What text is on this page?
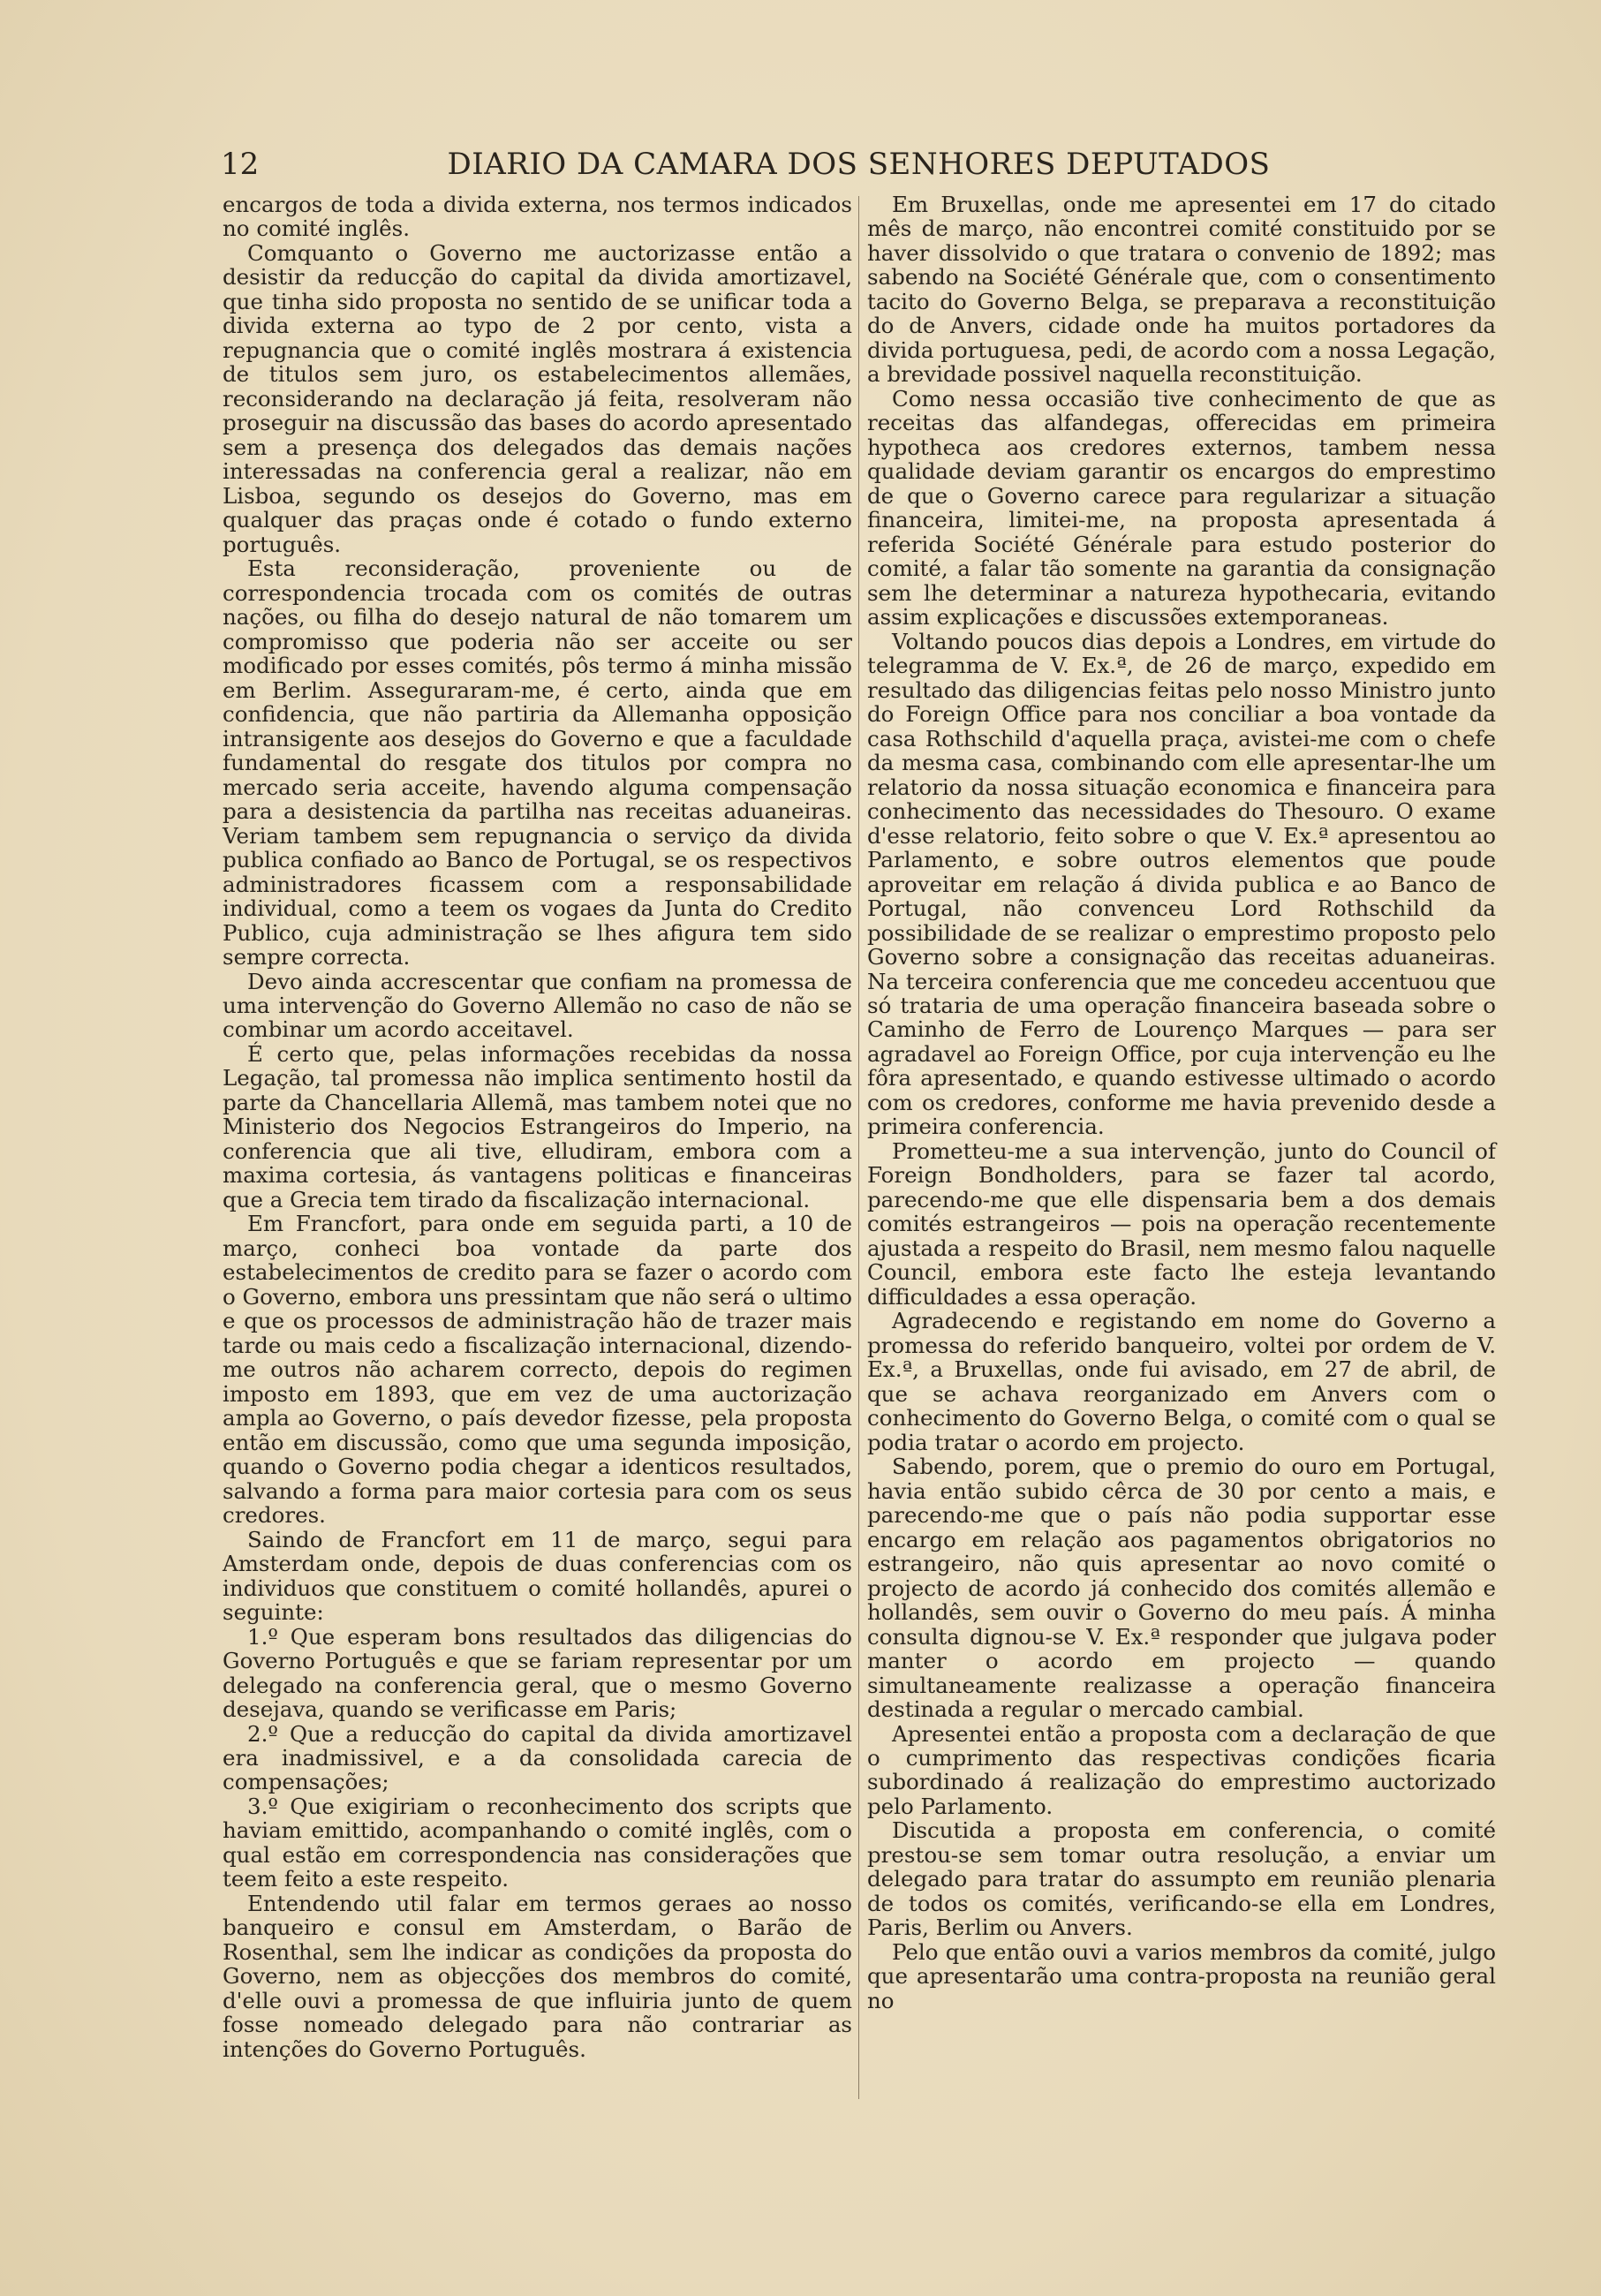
12	DIARIO DA CAMARA DOS SENHORES DEPUTADOS

encargos de toda a divida externa, nos termos indicados no comité inglês.

Comquanto o Governo me auctorizasse então a desistir da reducção do capital da divida amortizavel, que tinha sido proposta no sentido de se unificar toda a divida externa ao typo de 2 por cento, vista a repugnancia que o comité inglês mostrara á existencia de titulos sem juro, os estabelecimentos allemães, reconsiderando na declaração já feita, resolveram não proseguir na discussão das bases do acordo apresentado sem a presença dos delegados das demais nações interessadas na conferencia geral a realizar, não em Lisboa, segundo os desejos do Governo, mas em qualquer das praças onde é cotado o fundo externo português.

Esta reconsideração, proveniente ou de correspondencia trocada com os comités de outras nações, ou filha do desejo natural de não tomarem um compromisso que poderia não ser acceite ou ser modificado por esses comités, pôs termo á minha missão em Berlim. Asseguraram-me, é certo, ainda que em confidencia, que não partiria da Allemanha opposição intransigente aos desejos do Governo e que a faculdade fundamental do resgate dos titulos por compra no mercado seria acceite, havendo alguma compensação para a desistencia da partilha nas receitas aduaneiras. Veriam tambem sem repugnancia o serviço da divida publica confiado ao Banco de Portugal, se os respectivos administradores ficassem com a responsabilidade individual, como a teem os vogaes da Junta do Credito Publico, cuja administração se lhes afigura tem sido sempre correcta.

Devo ainda accrescentar que confiam na promessa de uma intervenção do Governo Allemão no caso de não se combinar um acordo acceitavel.

É certo que, pelas informações recebidas da nossa Legação, tal promessa não implica sentimento hostil da parte da Chancellaria Allemã, mas tambem notei que no Ministerio dos Negocios Estrangeiros do Imperio, na conferencia que ali tive, elludiram, embora com a maxima cortesia, ás vantagens politicas e financeiras que a Grecia tem tirado da fiscalização internacional.

Em Francfort, para onde em seguida parti, a 10 de março, conheci boa vontade da parte dos estabelecimentos de credito para se fazer o acordo com o Governo, embora uns pressintam que não será o ultimo e que os processos de administração hão de trazer mais tarde ou mais cedo a fiscalização internacional, dizendo-me outros não acharem correcto, depois do regimen imposto em 1893, que em vez de uma auctorização ampla ao Governo, o país devedor fizesse, pela proposta então em discussão, como que uma segunda imposição, quando o Governo podia chegar a identicos resultados, salvando a forma para maior cortesia para com os seus credores.

Saindo de Francfort em 11 de março, segui para Amsterdam onde, depois de duas conferencias com os individuos que constituem o comité hollandês, apurei o seguinte:

1.º Que esperam bons resultados das diligencias do Governo Português e que se fariam representar por um delegado na conferencia geral, que o mesmo Governo desejava, quando se verificasse em Paris;

2.º Que a reducção do capital da divida amortizavel era inadmissivel, e a da consolidada carecia de compensações;

3.º Que exigiriam o reconhecimento dos scripts que haviam emittido, acompanhando o comité inglês, com o qual estão em correspondencia nas considerações que teem feito a este respeito.

Entendendo util falar em termos geraes ao nosso banqueiro e consul em Amsterdam, o Barão de Rosenthal, sem lhe indicar as condições da proposta do Governo, nem as objecções dos membros do comité, d'elle ouvi a promessa de que influiria junto de quem fosse nomeado delegado para não contrariar as intenções do Governo Português.

Em Bruxellas, onde me apresentei em 17 do citado mês de março, não encontrei comité constituido por se haver dissolvido o que tratara o convenio de 1892; mas sabendo na Société Générale que, com o consentimento tacito do Governo Belga, se preparava a reconstituição do de Anvers, cidade onde ha muitos portadores da divida portuguesa, pedi, de acordo com a nossa Legação, a brevidade possivel naquella reconstituição.

Como nessa occasião tive conhecimento de que as receitas das alfandegas, offerecidas em primeira hypotheca aos credores externos, tambem nessa qualidade deviam garantir os encargos do emprestimo de que o Governo carece para regularizar a situação financeira, limitei-me, na proposta apresentada á referida Société Générale para estudo posterior do comité, a falar tão somente na garantia da consignação sem lhe determinar a natureza hypothecaria, evitando assim explicações e discussões extemporaneas.

Voltando poucos dias depois a Londres, em virtude do telegramma de V. Ex.ª, de 26 de março, expedido em resultado das diligencias feitas pelo nosso Ministro junto do Foreign Office para nos conciliar a boa vontade da casa Rothschild d'aquella praça, avistei-me com o chefe da mesma casa, combinando com elle apresentar-lhe um relatorio da nossa situação economica e financeira para conhecimento das necessidades do Thesouro. O exame d'esse relatorio, feito sobre o que V. Ex.ª apresentou ao Parlamento, e sobre outros elementos que poude aproveitar em relação á divida publica e ao Banco de Portugal, não convenceu Lord Rothschild da possibilidade de se realizar o emprestimo proposto pelo Governo sobre a consignação das receitas aduaneiras. Na terceira conferencia que me concedeu accentuou que só trataria de uma operação financeira baseada sobre o Caminho de Ferro de Lourenço Marques — para ser agradavel ao Foreign Office, por cuja intervenção eu lhe fôra apresentado, e quando estivesse ultimado o acordo com os credores, conforme me havia prevenido desde a primeira conferencia.

Prometteu-me a sua intervenção, junto do Council of Foreign Bondholders, para se fazer tal acordo, parecendo-me que elle dispensaria bem a dos demais comités estrangeiros — pois na operação recentemente ajustada a respeito do Brasil, nem mesmo falou naquelle Council, embora este facto lhe esteja levantando difficuldades a essa operação.

Agradecendo e registando em nome do Governo a promessa do referido banqueiro, voltei por ordem de V. Ex.ª, a Bruxellas, onde fui avisado, em 27 de abril, de que se achava reorganizado em Anvers com o conhecimento do Governo Belga, o comité com o qual se podia tratar o acordo em projecto.

Sabendo, porem, que o premio do ouro em Portugal, havia então subido cêrca de 30 por cento a mais, e parecendo-me que o país não podia supportar esse encargo em relação aos pagamentos obrigatorios no estrangeiro, não quis apresentar ao novo comité o projecto de acordo já conhecido dos comités allemão e hollandês, sem ouvir o Governo do meu país. Á minha consulta dignou-se V. Ex.ª responder que julgava poder manter o acordo em projecto — quando simultaneamente realizasse a operação financeira destinada a regular o mercado cambial.

Apresentei então a proposta com a declaração de que o cumprimento das respectivas condições ficaria subordinado á realização do emprestimo auctorizado pelo Parlamento.

Discutida a proposta em conferencia, o comité prestou-se sem tomar outra resolução, a enviar um delegado para tratar do assumpto em reunião plenaria de todos os comités, verificando-se ella em Londres, Paris, Berlim ou Anvers.

Pelo que então ouvi a varios membros da comité, julgo que apresentarão uma contra-proposta na reunião geral no
